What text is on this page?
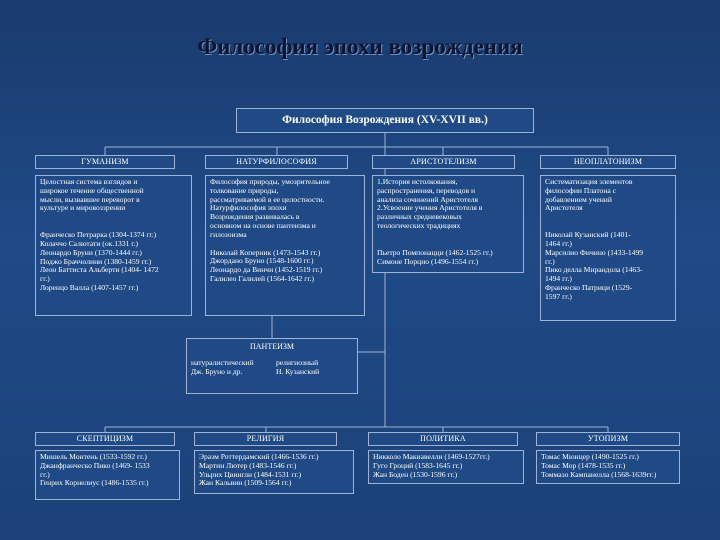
Философия эпохи возрождения
Философия Возрождения (XV-XVII вв.)
ГУМАНИЗМ	НАТУРФИЛОСОФИЯ	АРИСТОТЕЛИЗМ	НЕОПЛАТОНИЗМ

Целостная система взглядов и

широкое течение общественной

мысли, вызвавшее переворот в

культуре и мировоззрении

Франческо Петрарка (1304-1374 гг.)

Колаччо Салютати (ок.1331 г.)

Леонардо Бруни (1370-1444 гг.)

Поджо Браччолини (1380-1459 гг.)

Леон Баттиста Альберти (1404- 1472

гг.)

Лоренцо Валла (1407-1457 гг.)

Философия природы, умозрительное

толкование природы,

рассматриваемой в ее целостности.

Натурфилософия эпохи

Возрождения развивалась в

основном на основе пантеизма и

гилозоизма

Николай Коперник (1473-1543 гг.)

Джордано Бруно (1548-1600 гг.)

Леонардо да Винчи (1452-1519 гг.)

Галилео Галилей (1564-1642 гг.)

1.История истолкования,

распространения, переводов и

анализа сочинений Аристотеля

2.Усвоение учения Аристотеля в

различных средневековых

теологических традициях

Пьетро Помпонацци (1462-1525 гг.)

Симоне Порцио (1496-1554 гг.)

Систематизация элементов

философии Платона с

добавлением учений

Аристотеля

Николай Кузанский (1401-

1464 гг.)

Марсилио Фичино (1433-1499

гг.)

Пико делла Мирандола (1463-

1494 гг.)

Франческо Патрици (1529-

1597 гг.)

ПАНТЕИЗМ
натуралистический
Дж. Бруно и др.
религиозный
Н. Кузанский
СКЕПТИЦИЗМ	РЕЛИГИЯ	ПОЛИТИКА	УТОПИЗМ

Мишель Монтень (1533-1592 гг.)

Джанфранческо Пико (1469- 1533

гг.)

Генрих Корнелиус (1486-1535 гг.)

Эразм Роттердамский (1466-1536 гг.)

Мартин Лютер (1483-1546 гг.)

Ульрих Цвингли (1484-1531 гг.)

Жан Кальвин (1509-1564 гг.)

Никколо Макиавелли (1469-1527гг.)

Гуго Гроций (1583-1645 гг.)

Жан Боден (1530-1596 гг.)

Томас Мюнцер (1490-1525 гг.)

Томас Мор (1478-1535 гг.)

Томмазо Кампанелла (1568-1639гг.)
